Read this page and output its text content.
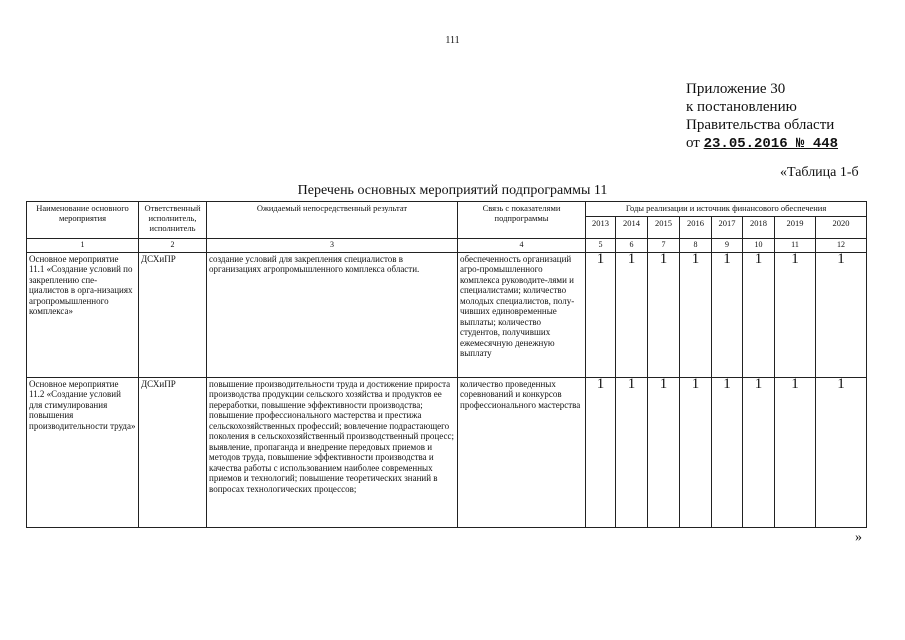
111
Приложение 30
к постановлению
Правительства области
от 23.05.2016 № 448
«Таблица 1-б
Перечень основных мероприятий подпрограммы 11
Наименование основного мероприятия	Ответственный исполнитель, исполнитель	Ожидаемый непосредственный результат	Связь с показателями подпрограммы	Годы реализации и источник финансового обеспечения							
				2013	2014	2015	2016	2017	2018	2019	2020
1	2	3	4	5	6	7	8	9	10	11	12
Основное мероприятие 11.1 «Создание условий по закреплению спе-циалистов в орга-низациях агропромышленного комплекса»	ДСХиПР	создание условий для закрепления специалистов в организациях агропромышленного комплекса области.	обеспеченность организаций агро-промышленного комплекса руководите-лями и специалистами; количество молодых специалистов, полу-чивших единовременные выплаты; количество студентов, получивших ежемесячную денежную выплату	1	1	1	1	1	1	1	1
Основное мероприятие 11.2 «Создание условий для стимулирования повышения производительности труда»	ДСХиПР	повышение производительности труда и достижение прироста производства продукции сельского хозяйства и продуктов ее переработки, повышение эффективности производства; повышение профессионального мастерства и престижа сельскохозяйственных профессий; вовлечение подрастающего поколения в сельскохозяйственный производственный процесс; выявление, пропаганда и внедрение передовых приемов и методов труда, повышение эффективности производства и качества работы с использованием наиболее современных приемов и технологий; повышение теоретических знаний в вопросах технологических процессов;	количество проведенных соревнований и конкурсов профессионального мастерства	1	1	1	1	1	1	1	1
»
